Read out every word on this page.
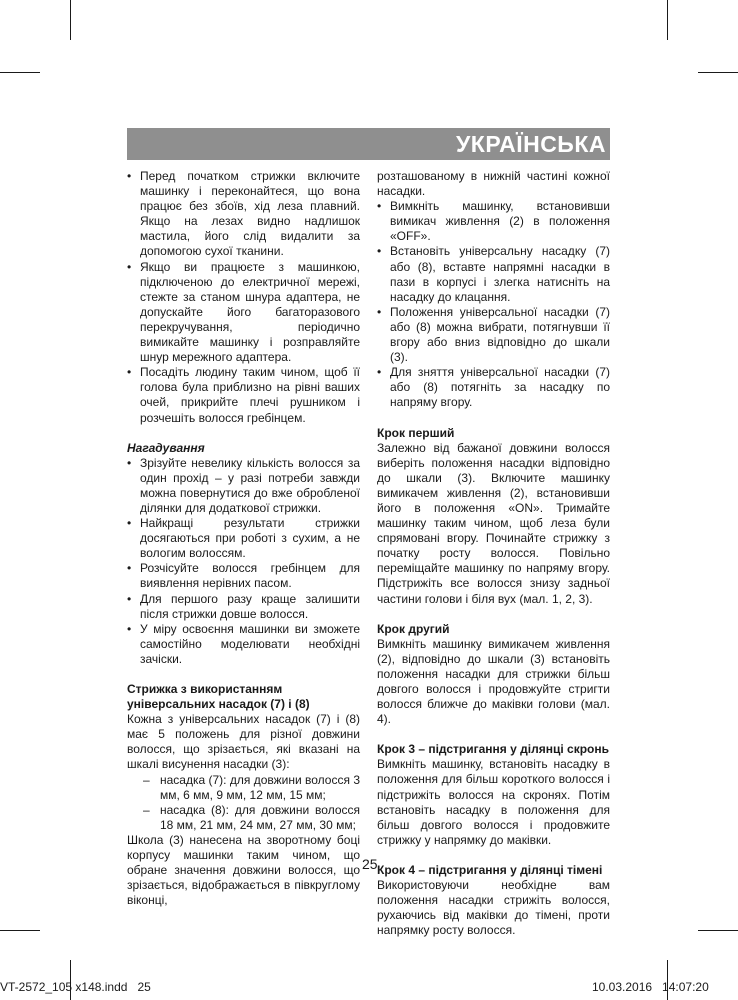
УКРАЇНСЬКА
• Перед початком стрижки включите машинку і переконайтеся, що вона працює без збоїв, хід леза плавний. Якщо на лезах видно надлишок мастила, його слід видалити за допомогою сухої тканини.
• Якщо ви працюєте з машинкою, підключеною до електричної мережі, стежте за станом шнура адаптера, не допускайте його багаторазового перекручування, періодично вимикайте машинку і розправляйте шнур мережного адаптера.
• Посадіть людину таким чином, щоб її голова була приблизно на рівні ваших очей, прикрийте плечі рушником і розчешіть волосся гребінцем.

Нагадування

• Зрізуйте невелику кількість волосся за один прохід – у разі потреби завжди можна повернутися до вже обробленої ділянки для додаткової стрижки.
• Найкращі результати стрижки досягаються при роботі з сухим, а не вологим волоссям.
• Розчісуйте волосся гребінцем для виявлення нерівних пасом.
• Для першого разу краще залишити після стрижки довше волосся.
• У міру освоєння машинки ви зможете самостійно моделювати необхідні зачіски.

Стрижка з використанням

універсальних насадок (7) і (8)

Кожна з універсальних насадок (7) і (8) має 5 положень для різної довжини волосся, що зрізається, які вказані на шкалі висунення насадки (3):

– насадка (7): для довжини волосся 3 мм, 6 мм, 9 мм, 12 мм, 15 мм;
– насадка (8): для довжини волосся 18 мм, 21 мм, 24 мм, 27 мм, 30 мм;

Школа (3) нанесена на зворотному боці корпусу машинки таким чином, що обране значення довжини волосся, що зрізається, відображається в півкруглому віконці,

розташованому в нижній частині кожної насадки.

• Вимкніть машинку, встановивши вимикач живлення (2) в положення «OFF».
• Встановіть універсальну насадку (7) або (8), вставте напрямні насадки в пази в корпусі і злегка натисніть на насадку до клацання.
• Положення універсальної насадки (7) або (8) можна вибрати, потягнувши її вгору або вниз відповідно до шкали (3).
• Для зняття універсальної насадки (7) або (8) потягніть за насадку по напряму вгору.

Крок перший

Залежно від бажаної довжини волосся виберіть положення насадки відповідно до шкали (3). Включите машинку вимикачем живлення (2), встановивши його в положення «ON». Тримайте машинку таким чином, щоб леза були спрямовані вгору. Починайте стрижку з початку росту волосся. Повільно переміщайте машинку по напряму вгору. Підстрижіть все волосся знизу задньої частини голови і біля вух (мал. 1, 2, 3).

Крок другий

Вимкніть машинку вимикачем живлення (2), відповідно до шкали (3) встановіть положення насадки для стрижки більш довгого волосся і продовжуйте стригти волосся ближче до маківки голови (мал. 4).

Крок 3 – підстригання у ділянці скронь

Вимкніть машинку, встановіть насадку в положення для більш короткого волосся і підстрижіть волосся на скронях. Потім встановіть насадку в положення для більш довгого волосся і продовжите стрижку у напрямку до маківки.

Крок 4 – підстригання у ділянці тімені

Використовуючи необхідне вам положення насадки стрижіть волосся, рухаючись від маківки до тімені, проти напрямку росту волосся.

25
VT-2572_105 x148.indd   25	10.03.2016   14:07:20
